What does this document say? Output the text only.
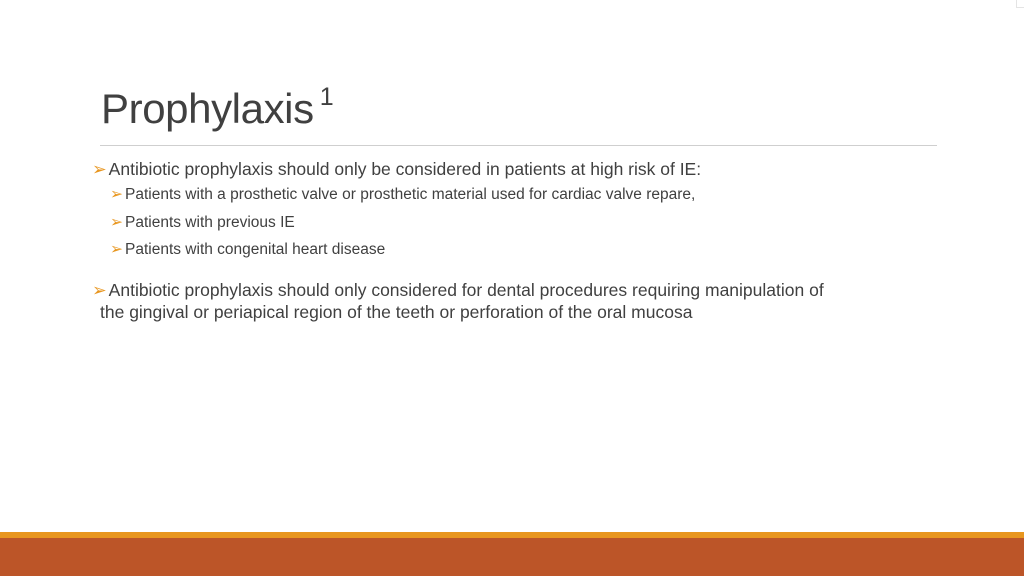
Prophylaxis $^1$
➢ Antibiotic prophylaxis should only be considered in patients at high risk of IE:
➢ Patients with a prosthetic valve or prosthetic material used for cardiac valve repare,
➢ Patients with previous IE
➢ Patients with congenital heart disease
➢ Antibiotic prophylaxis should only considered for dental procedures requiring manipulation of
the gingival or periapical region of the teeth or perforation of the oral mucosa
